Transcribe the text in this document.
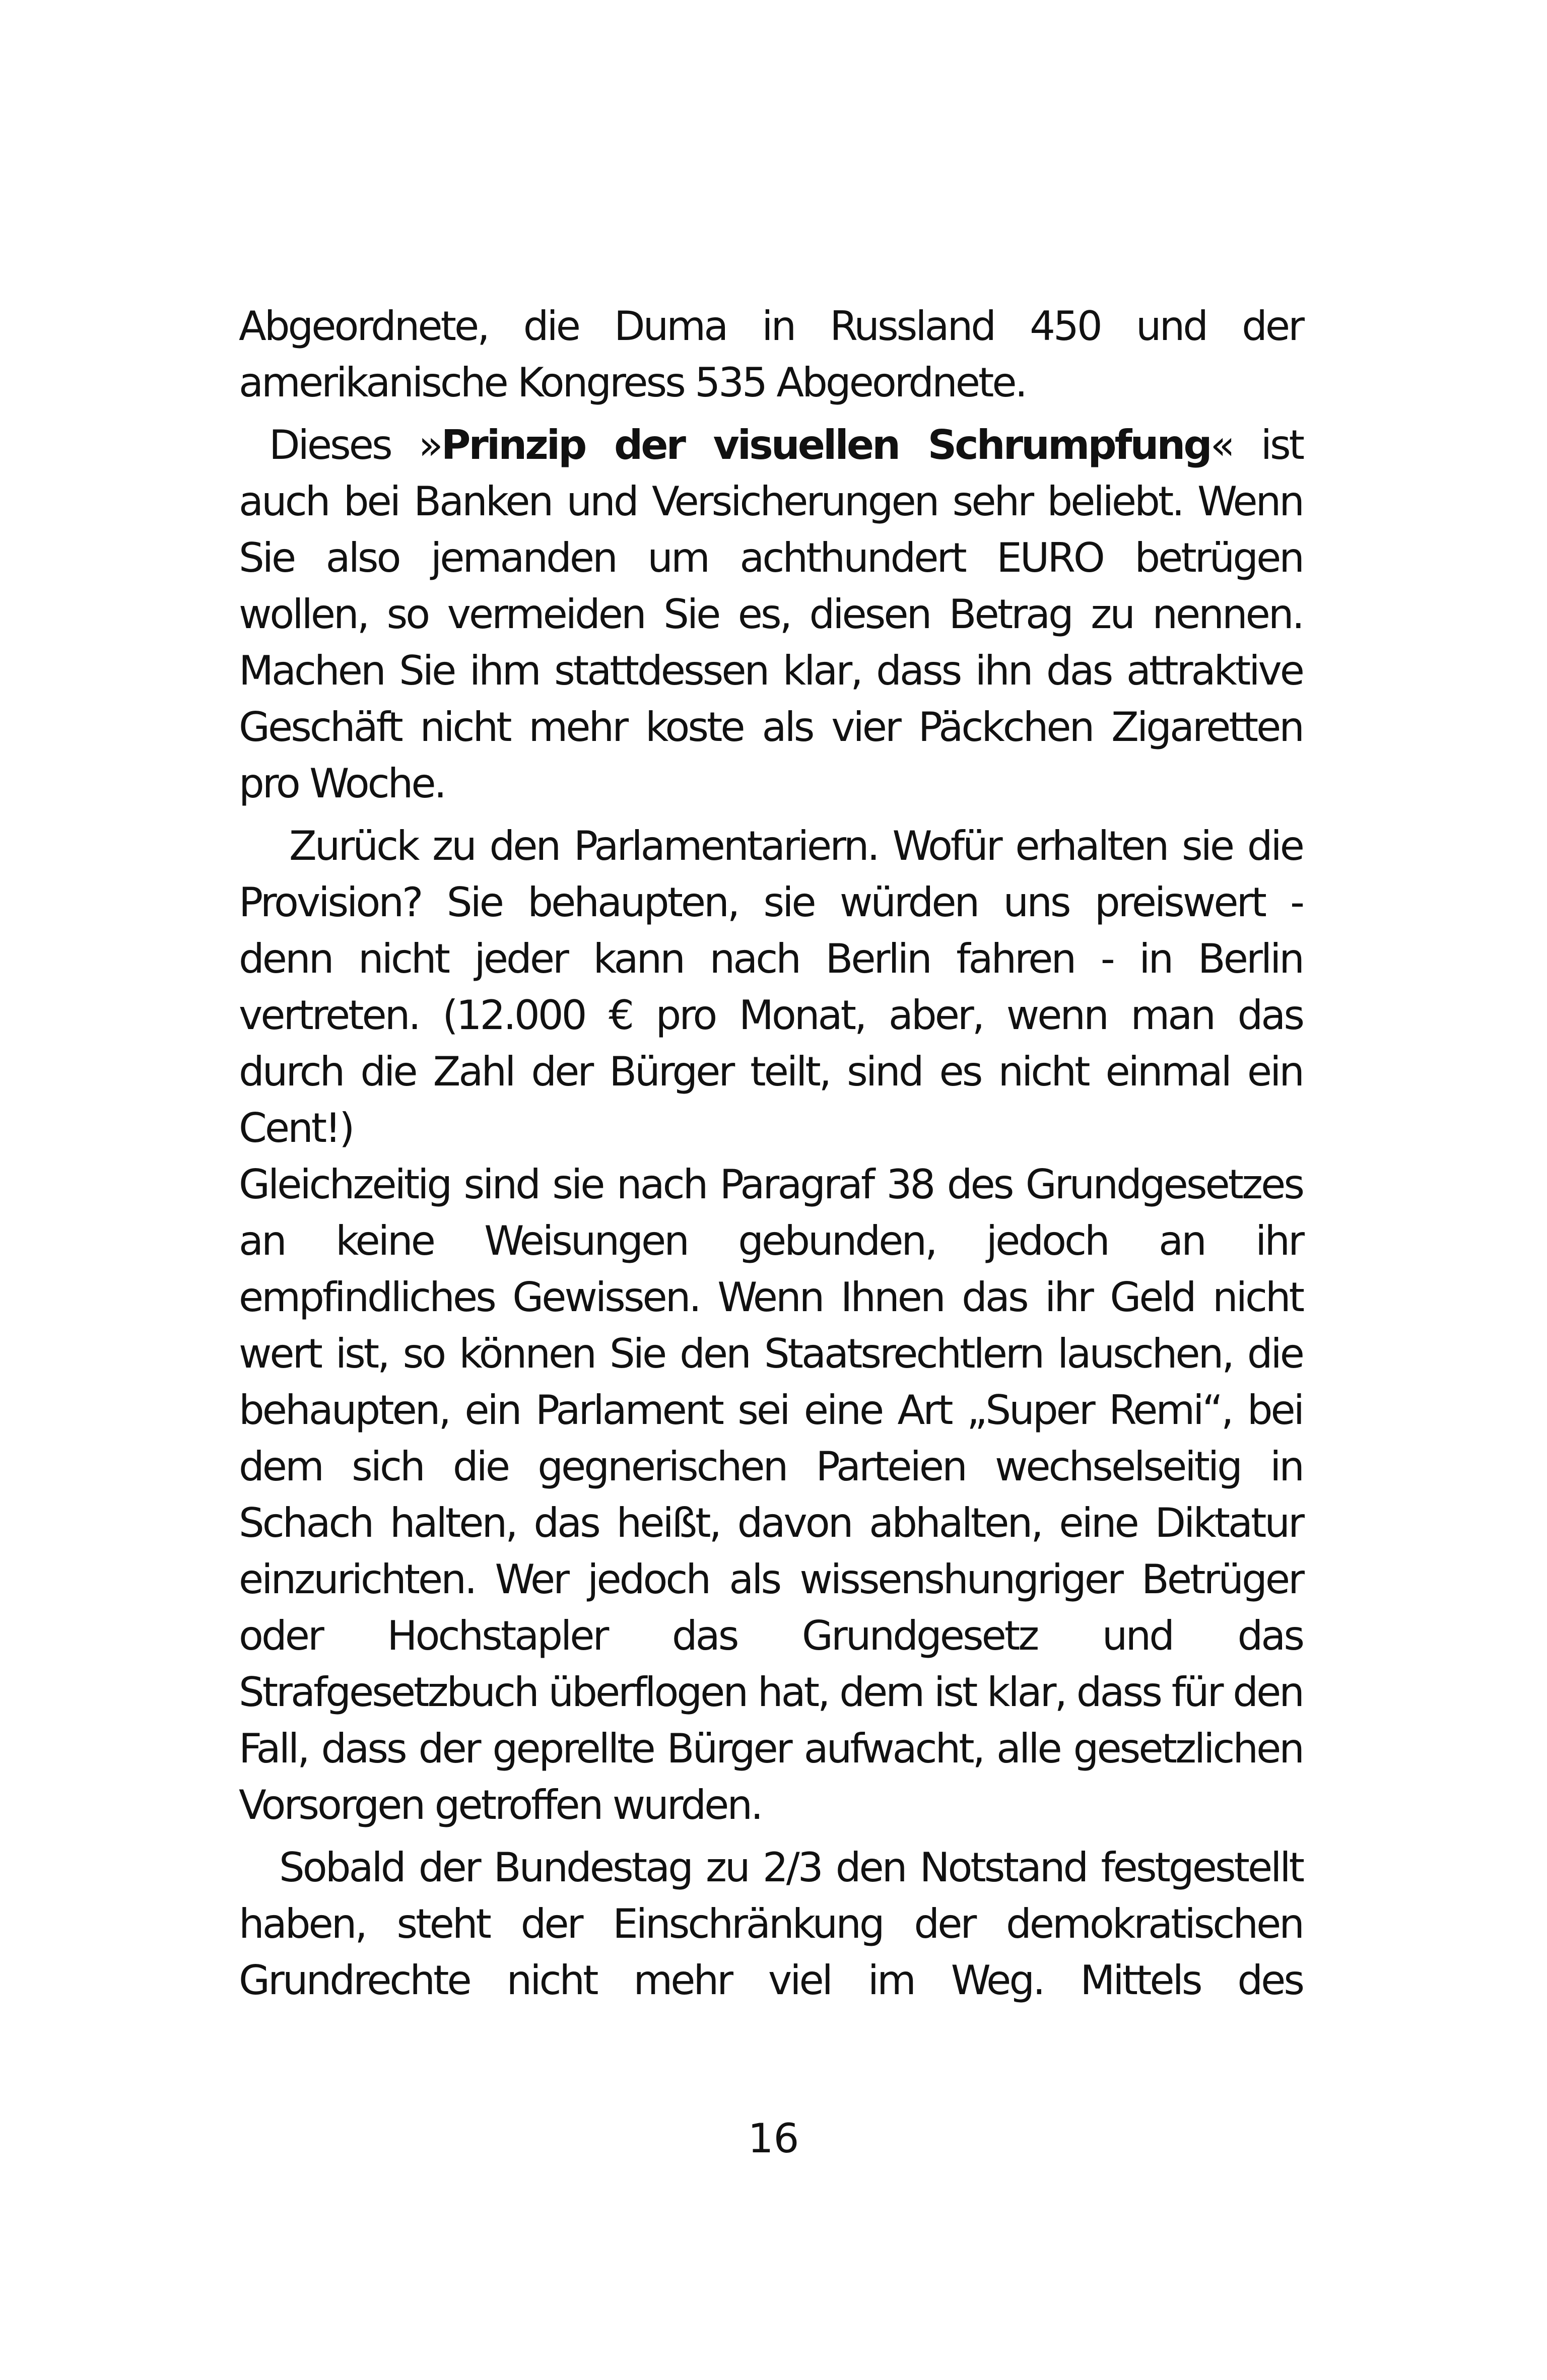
Abgeordnete, die Duma in Russland 450 und der amerikanische Kongress 535 Abgeordnete.

Dieses »Prinzip der visuellen Schrumpfung« ist auch bei Banken und Versicherungen sehr beliebt. Wenn Sie also jemanden um achthundert EURO betrügen wollen, so vermeiden Sie es, diesen Betrag zu nennen. Machen Sie ihm stattdessen klar, dass ihn das attraktive Geschäft nicht mehr koste als vier Päckchen Zigaretten pro Woche.

Zurück zu den Parlamentariern. Wofür erhalten sie die Provision? Sie behaupten, sie würden uns preiswert - denn nicht jeder kann nach Berlin fahren - in Berlin vertreten. (12.000 € pro Monat, aber, wenn man das durch die Zahl der Bürger teilt, sind es nicht einmal ein Cent!)

Gleichzeitig sind sie nach Paragraf 38 des Grundgesetzes an keine Weisungen gebunden, jedoch an ihr empfindliches Gewissen. Wenn Ihnen das ihr Geld nicht wert ist, so können Sie den Staatsrechtlern lauschen, die behaupten, ein Parlament sei eine Art „Super Remi“, bei dem sich die gegnerischen Parteien wechselseitig in Schach halten, das heißt, davon abhalten, eine Diktatur einzurichten. Wer jedoch als wissenshungriger Betrüger oder Hochstapler das Grundgesetz und das Strafgesetzbuch überflogen hat, dem ist klar, dass für den Fall, dass der geprellte Bürger aufwacht, alle gesetzlichen Vorsorgen getroffen wurden.

Sobald der Bundestag zu 2/3 den Notstand festgestellt haben, steht der Einschränkung der demokratischen Grundrechte nicht mehr viel im Weg. Mittels des

16
